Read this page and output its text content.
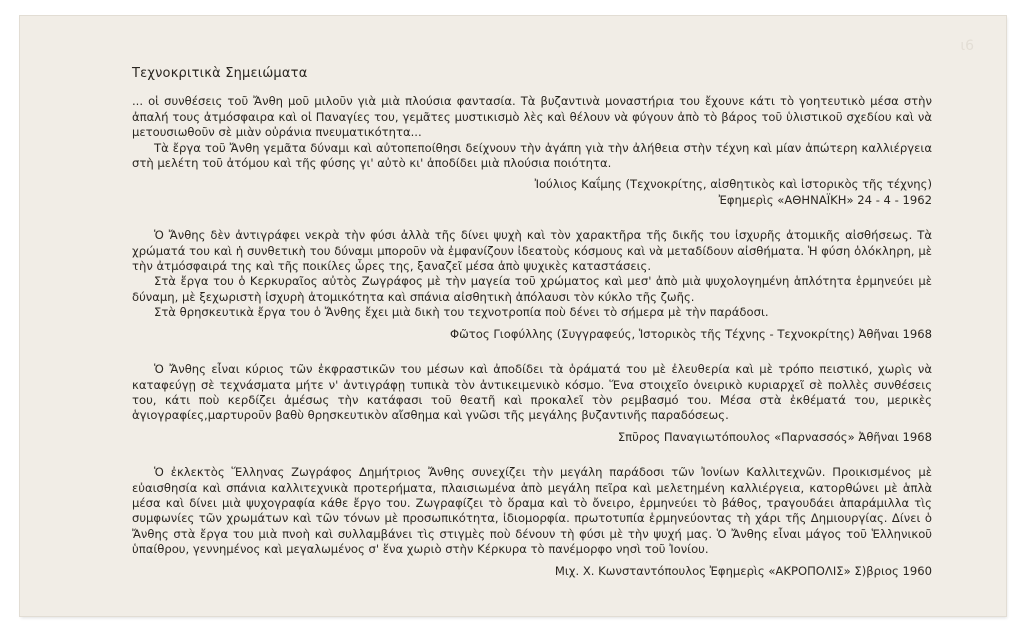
ι6
Τεχνοκριτικὰ Σημειώματα

... οἱ συνθέσεις τοῦ Ἄνθη μοῦ μιλοῦν γιὰ μιὰ πλούσια φαντασία. Τὰ βυζαντινὰ μοναστήρια του ἔχουνε κάτι τὸ γοητευτικὸ μέσα στὴν ἀπαλή τους ἀτμόσφαιρα καὶ οἱ Παναγίες του, γεμᾶτες μυστικισμὸ λὲς καὶ θέλουν νὰ φύγουν ἀπὸ τὸ βάρος τοῦ ὑλιστικοῦ σχεδίου καὶ νὰ μετουσιωθοῦν σὲ μιὰν οὐράνια πνευματικότητα...

Τὰ ἔργα τοῦ Ἄνθη γεμᾶτα δύναμι καὶ αὐτοπεποίθησι δείχνουν τὴν ἀγάπη γιὰ τὴν ἀλήθεια στὴν τέχνη καὶ μίαν ἀπώτερη καλλιέργεια στὴ μελέτη τοῦ ἀτόμου καὶ τῆς φύσης γι' αὐτὸ κι' ἀποδίδει μιὰ πλούσια ποιότητα.

Ἰούλιος Καΐμης (Τεχνοκρίτης, αἰσθητικὸς καὶ ἱστορικὸς τῆς τέχνης)
Ἐφημερὶς «ΑΘΗΝΑΪΚΗ» 24 - 4 - 1962

Ὁ Ἄνθης δὲν ἀντιγράφει νεκρὰ τὴν φύσι ἀλλὰ τῆς δίνει ψυχὴ καὶ τὸν χαρακτῆρα τῆς δικῆς του ἰσχυρῆς ἀτομικῆς αἰσθήσεως. Τὰ χρώματά του καὶ ἡ συνθετικὴ του δύναμι μποροῦν νὰ ἐμφανίζουν ἰδεατοὺς κόσμους καὶ νὰ μεταδίδουν αἰσθήματα. Ἡ φύση ὁλόκληρη, μὲ τὴν ἀτμόσφαιρά της καὶ τῆς ποικίλες ὧρες της, ξαναζεῖ μέσα ἀπὸ ψυχικὲς καταστάσεις.

Στὰ ἔργα του ὁ Κερκυραῖος αὐτὸς Ζωγράφος μὲ τὴν μαγεία τοῦ χρώματος καὶ μεσ' ἀπὸ μιὰ ψυχολογημένη ἁπλότητα ἑρμηνεύει μὲ δύναμη, μὲ ξεχωριστὴ ἰσχυρὴ ἀτομικότητα καὶ σπάνια αἰσθητικὴ ἀπόλαυσι τὸν κύκλο τῆς ζωῆς.

Στὰ θρησκευτικὰ ἔργα του ὁ Ἄνθης ἔχει μιὰ δικὴ του τεχνοτροπία ποὺ δένει τὸ σήμερα μὲ τὴν παράδοσι.

Φῶτος Γιοφύλλης (Συγγραφεύς, Ἱστορικὸς τῆς Τέχνης - Τεχνοκρίτης) Ἀθῆναι 1968

Ὁ Ἄνθης εἶναι κύριος τῶν ἐκφραστικῶν του μέσων καὶ ἀποδίδει τὰ ὁράματά του μὲ ἐλευθερία καὶ μὲ τρόπο πειστικό, χωρὶς νὰ καταφεύγῃ σὲ τεχνάσματα μήτε ν' ἀντιγράφῃ τυπικὰ τὸν ἀντικειμενικὸ κόσμο. Ἕνα στοιχεῖο ὀνειρικὸ κυριαρχεῖ σὲ πολλὲς συνθέσεις του, κάτι ποὺ κερδίζει ἀμέσως τὴν κατάφασι τοῦ θεατῆ καὶ προκαλεῖ τὸν ρεμβασμό του. Μέσα στὰ ἐκθέματά του, μερικὲς ἁγιογραφίες,μαρτυροῦν βαθὺ θρησκευτικὸν αἴσθημα καὶ γνῶσι τῆς μεγάλης βυζαντινῆς παραδόσεως.

Σπῦρος Παναγιωτόπουλος «Παρνασσός» Ἀθῆναι 1968

Ὁ ἐκλεκτὸς Ἕλληνας Ζωγράφος Δημήτριος Ἄνθης συνεχίζει τὴν μεγάλη παράδοσι τῶν Ἰονίων Καλλιτεχνῶν. Προικισμένος μὲ εὐαισθησία καὶ σπάνια καλλιτεχνικὰ προτερήματα, πλαισιωμένα ἀπὸ μεγάλη πεῖρα καὶ μελετημένη καλλιέργεια, κατορθώνει μὲ ἁπλὰ μέσα καὶ δίνει μιὰ ψυχογραφία κάθε ἔργο του. Ζωγραφίζει τὸ ὅραμα καὶ τὸ ὄνειρο, ἑρμηνεύει τὸ βάθος, τραγουδάει ἁπαράμιλλα τὶς συμφωνίες τῶν χρωμάτων καὶ τῶν τόνων μὲ προσωπικότητα, ἰδιομορφία. πρωτοτυπία ἑρμηνεύοντας τὴ χάρι τῆς Δημιουργίας. Δίνει ὁ Ἄνθης στὰ ἔργα του μιὰ πνοὴ καὶ συλλαμβάνει τὶς στιγμὲς ποὺ δένουν τὴ φύσι μὲ τὴν ψυχή μας. Ὁ Ἄνθης εἶναι μάγος τοῦ Ἑλληνικοῦ ὑπαίθρου, γεννημένος καὶ μεγαλωμένος σ' ἕνα χωριὸ στὴν Κέρκυρα τὸ πανέμορφο νησὶ τοῦ Ἰονίου.

Μιχ. Χ. Κωνσταντόπουλος Ἐφημερὶς «ΑΚΡΟΠΟΛΙΣ» Σ)βριος 1960
